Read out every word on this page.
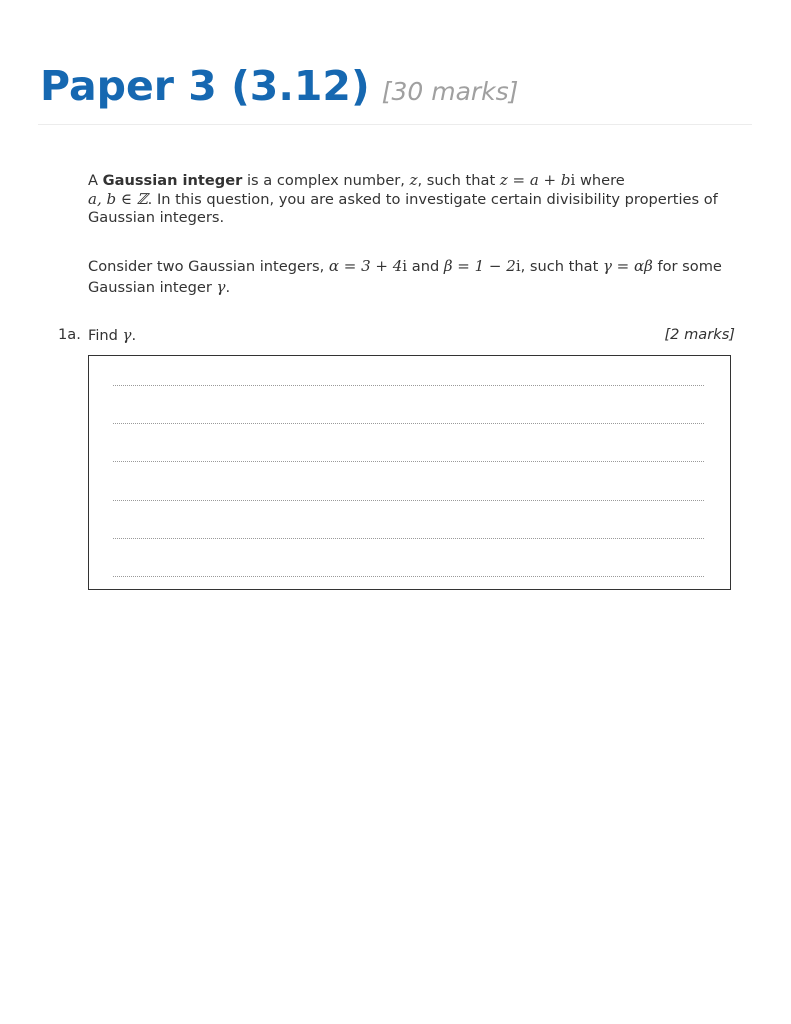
Paper 3 (3.12) [30 marks]
A Gaussian integer is a complex number, z, such that z = a + bi where
a, b ∈ ℤ. In this question, you are asked to investigate certain divisibility properties of Gaussian integers.
Consider two Gaussian integers, α = 3 + 4i and β = 1 − 2i, such that γ = αβ for some Gaussian integer γ.
1a. Find γ.	[2 marks]
